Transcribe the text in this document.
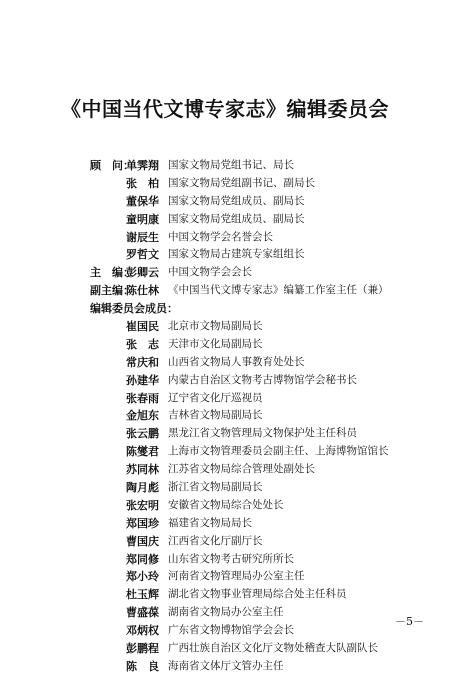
《中国当代文博专家志》编辑委员会
顾　问：
单霁翔 国家文物局党组书记、局长
张　柏 国家文物局党组副书记、副局长
董保华 国家文物局党组成员、副局长
童明康 国家文物局党组成员、副局长
谢辰生 中国文物学会名誉会长
罗哲文 国家文物局古建筑专家组组长
主　编：
彭卿云 中国文物学会会长
副主编：
陈仕林 《中国当代文博专家志》编纂工作室主任（兼）
编辑委员会成员：
崔国民 北京市文物局副局长
张　志 天津市文化局副局长
常庆和 山西省文物局人事教育处处长
孙建华 内蒙古自治区文物考古博物馆学会秘书长
张春雨 辽宁省文化厅巡视员
金旭东 吉林省文物局副局长
张云鹏 黑龙江省文物管理局文物保护处主任科员
陈燮君 上海市文物管理委员会副主任、上海博物馆馆长
苏同林 江苏省文物局综合管理处副处长
陶月彪 浙江省文物局副局长
张宏明 安徽省文物局综合处处长
郑国珍 福建省文物局局长
曹国庆 江西省文化厅副厅长
郑同修 山东省文物考古研究所所长
郑小玲 河南省文物管理局办公室主任
杜玉辉 湖北省文物事业管理局综合处主任科员
曹盛葆 湖南省文物局办公室主任
邓炳权 广东省文物博物馆学会会长
彭鹏程 广西壮族自治区文化厅文物处稽查大队副队长
陈　良 海南省文体厅文管办主任
－5－
